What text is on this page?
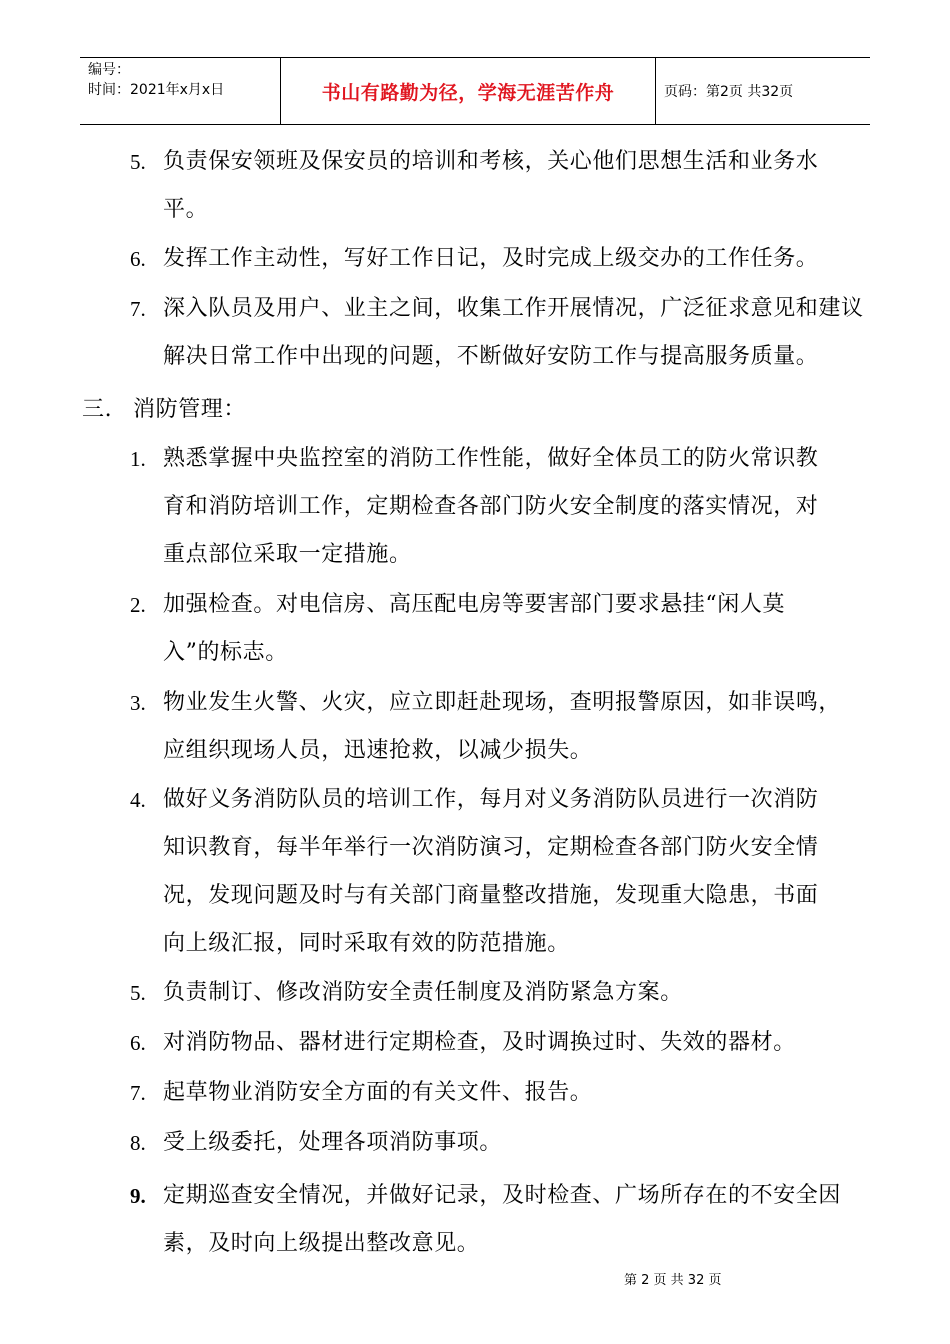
编号：
时间：2021年x月x日	书山有路勤为径，学海无涯苦作舟	页码：第2页 共32页
5. 负责保安领班及保安员的培训和考核，关心他们思想生活和业务水
平。
6. 发挥工作主动性，写好工作日记，及时完成上级交办的工作任务。
7. 深入队员及用户、业主之间，收集工作开展情况，广泛征求意见和建议
解决日常工作中出现的问题，不断做好安防工作与提高服务质量。
三. 消防管理：
1. 熟悉掌握中央监控室的消防工作性能，做好全体员工的防火常识教
育和消防培训工作，定期检查各部门防火安全制度的落实情况，对
重点部位采取一定措施。
2. 加强检查。对电信房、高压配电房等要害部门要求悬挂“闲人莫
入”的标志。
3. 物业发生火警、火灾，应立即赶赴现场，查明报警原因，如非误鸣，
应组织现场人员，迅速抢救，以减少损失。
4. 做好义务消防队员的培训工作，每月对义务消防队员进行一次消防
知识教育，每半年举行一次消防演习，定期检查各部门防火安全情
况，发现问题及时与有关部门商量整改措施，发现重大隐患，书面
向上级汇报，同时采取有效的防范措施。
5. 负责制订、修改消防安全责任制度及消防紧急方案。
6. 对消防物品、器材进行定期检查，及时调换过时、失效的器材。
7. 起草物业消防安全方面的有关文件、报告。
8. 受上级委托，处理各项消防事项。
9. 定期巡查安全情况，并做好记录，及时检查、广场所存在的不安全因
素，及时向上级提出整改意见。
第 2 页 共 32 页
